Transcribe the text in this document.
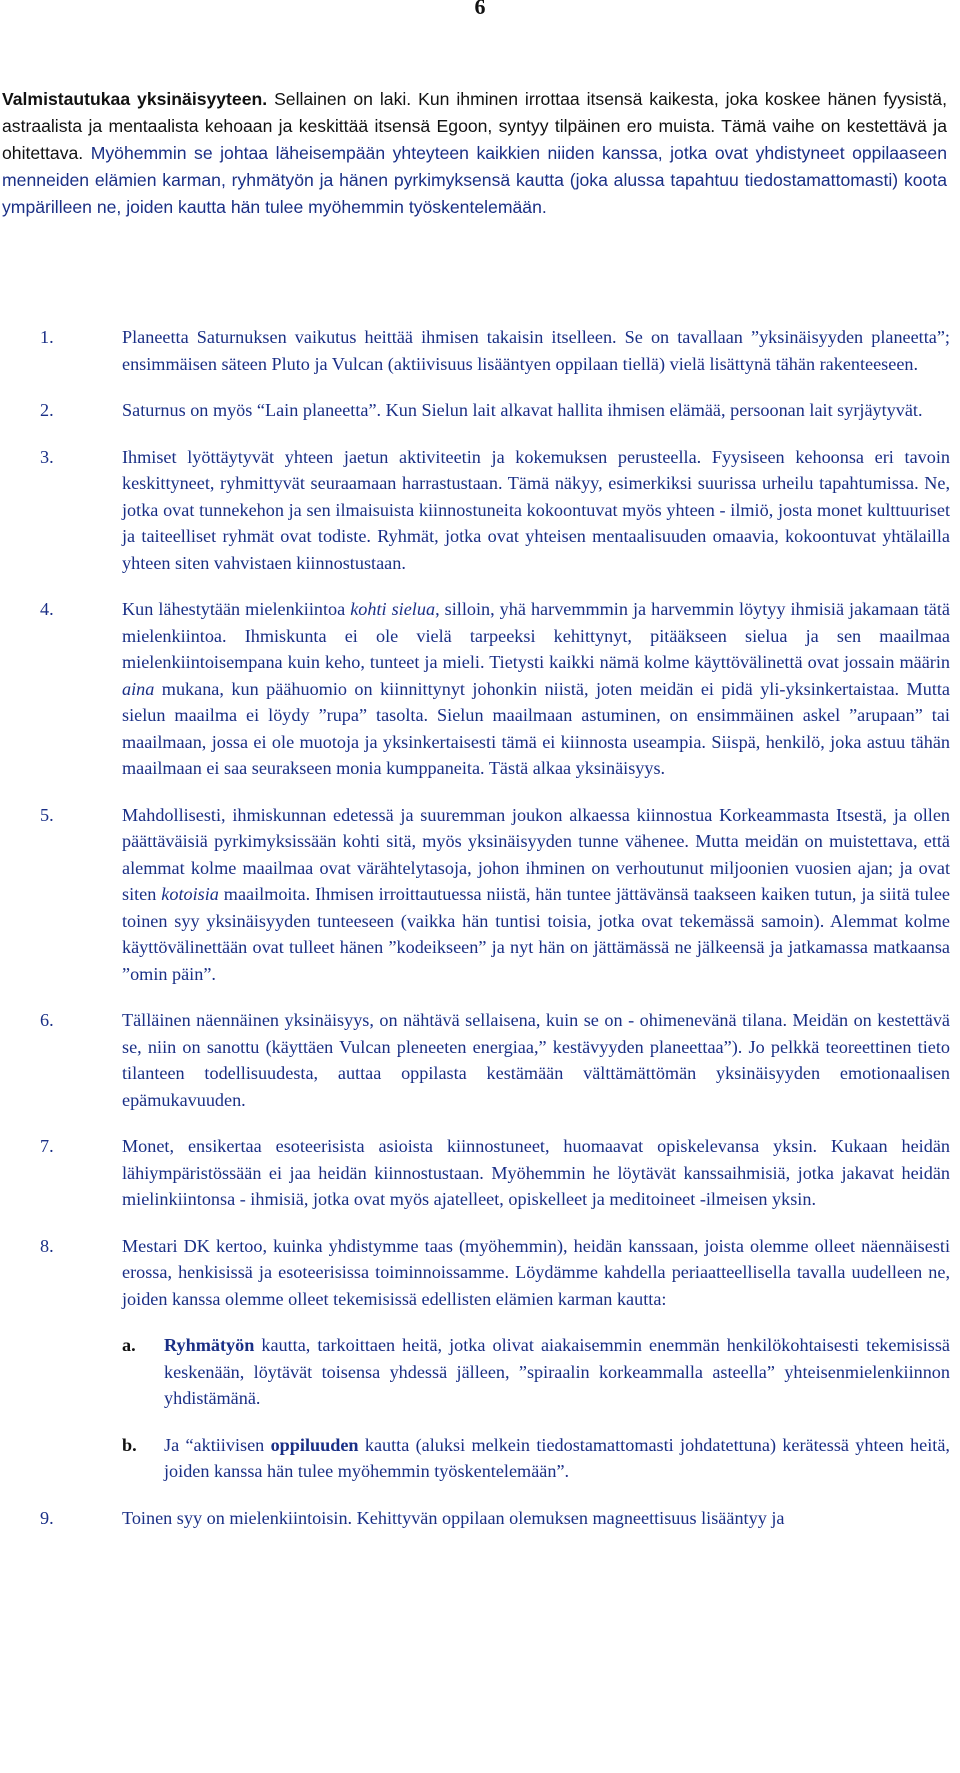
6

Valmistautukaa yksinäisyyteen. Sellainen on laki. Kun ihminen irrottaa itsensä kaikesta, joka koskee hänen fyysistä, astraalista ja mentaalista kehoaan ja keskittää itsensä Egoon, syntyy tilpäinen ero muista. Tämä vaihe on kestettävä ja ohitettava. Myöhemmin se johtaa läheisempään yhteyteen kaikkien niiden kanssa, jotka ovat yhdistyneet oppilaaseen menneiden elämien karman, ryhmätyön ja hänen pyrkimyksensä kautta (joka alussa tapahtuu tiedostamattomasti) koota ympärilleen ne, joiden kautta hän tulee myöhemmin työskentelemään.

1.	Planeetta Saturnuksen vaikutus heittää ihmisen takaisin itselleen. Se on tavallaan ”yksinäisyyden planeetta”; ensimmäisen säteen Pluto ja Vulcan (aktiivisuus lisääntyen oppilaan tiellä) vielä lisättynä tähän rakenteeseen.
2.	Saturnus on myös “Lain planeetta”. Kun Sielun lait alkavat hallita ihmisen elämää, persoonan lait syrjäytyvät.
3.	Ihmiset lyöttäytyvät yhteen jaetun aktiviteetin ja kokemuksen perusteella. Fyysiseen kehoonsa eri tavoin keskittyneet, ryhmittyvät seuraamaan harrastustaan. Tämä näkyy, esimerkiksi suurissa urheilu tapahtumissa. Ne, jotka ovat tunnekehon ja sen ilmaisuista kiinnostuneita kokoontuvat myös yhteen - ilmiö, josta monet kulttuuriset ja taiteelliset ryhmät ovat todiste. Ryhmät, jotka ovat yhteisen mentaalisuuden omaavia, kokoontuvat yhtälailla yhteen siten vahvistaen kiinnostustaan.
4.	Kun lähestytään mielenkiintoa kohti sielua, silloin, yhä harvemmmin ja harvemmin löytyy ihmisiä jakamaan tätä mielenkiintoa. Ihmiskunta ei ole vielä tarpeeksi kehittynyt, pitääkseen sielua ja sen maailmaa mielenkiintoisempana kuin keho, tunteet ja mieli. Tietysti kaikki nämä kolme käyttövälinettä ovat jossain määrin aina mukana, kun päähuomio on kiinnittynyt johonkin niistä, joten meidän ei pidä yli-yksinkertaistaa. Mutta sielun maailma ei löydy ”rupa” tasolta. Sielun maailmaan astuminen, on ensimmäinen askel ”arupaan” tai maailmaan, jossa ei ole muotoja ja yksinkertaisesti tämä ei kiinnosta useampia. Siispä, henkilö, joka astuu tähän maailmaan ei saa seurakseen monia kumppaneita. Tästä alkaa yksinäisyys.
5.	Mahdollisesti, ihmiskunnan edetessä ja suuremman joukon alkaessa kiinnostua Korkeammasta Itsestä, ja ollen päättäväisiä pyrkimyksissään kohti sitä, myös yksinäisyyden tunne vähenee. Mutta meidän on muistettava, että alemmat kolme maailmaa ovat värähtelytasoja, johon ihminen on verhoutunut miljoonien vuosien ajan; ja ovat siten kotoisia maailmoita. Ihmisen irroittautuessa niistä, hän tuntee jättävänsä taakseen kaiken tutun, ja siitä tulee toinen syy yksinäisyyden tunteeseen (vaikka hän tuntisi toisia, jotka ovat tekemässä samoin). Alemmat kolme käyttövälinettään ovat tulleet hänen ”kodeikseen” ja nyt hän on jättämässä ne jälkeensä ja jatkamassa matkaansa ”omin päin”.
6.	Tälläinen näennäinen yksinäisyys, on nähtävä sellaisena, kuin se on - ohimenevänä tilana. Meidän on kestettävä se, niin on sanottu (käyttäen Vulcan pleneeten energiaa,” kestävyyden planeettaa”). Jo pelkkä teoreettinen tieto tilanteen todellisuudesta, auttaa oppilasta kestämään välttämättömän yksinäisyyden emotionaalisen epämukavuuden.
7.	Monet, ensikertaa esoteerisista asioista kiinnostuneet, huomaavat opiskelevansa yksin. Kukaan heidän lähiympäristössään ei jaa heidän kiinnostustaan. Myöhemmin he löytävät kanssaihmisiä, jotka jakavat heidän mielinkiintonsa - ihmisiä, jotka ovat myös ajatelleet, opiskelleet ja meditoineet -ilmeisen yksin.
8.	Mestari DK kertoo, kuinka yhdistymme taas (myöhemmin), heidän kanssaan, joista olemme olleet näennäisesti erossa, henkisissä ja esoteerisissa toiminnoissamme. Löydämme kahdella periaatteellisella tavalla uudelleen ne, joiden kanssa olemme olleet tekemisissä edellisten elämien karman kautta:
a.	Ryhmätyön kautta, tarkoittaen heitä, jotka olivat aiakaisemmin enemmän henkilökohtaisesti tekemisissä keskenään, löytävät toisensa yhdessä jälleen, ”spiraalin korkeammalla asteella” yhteisenmielenkiinnon yhdistämänä.
b.	Ja “aktiivisen oppiluuden kautta (aluksi melkein tiedostamattomasti johdatettuna) kerätessä yhteen heitä, joiden kanssa hän tulee myöhemmin työskentelemään”.
9.	Toinen syy on mielenkiintoisin. Kehittyvän oppilaan olemuksen magneettisuus lisääntyy ja
